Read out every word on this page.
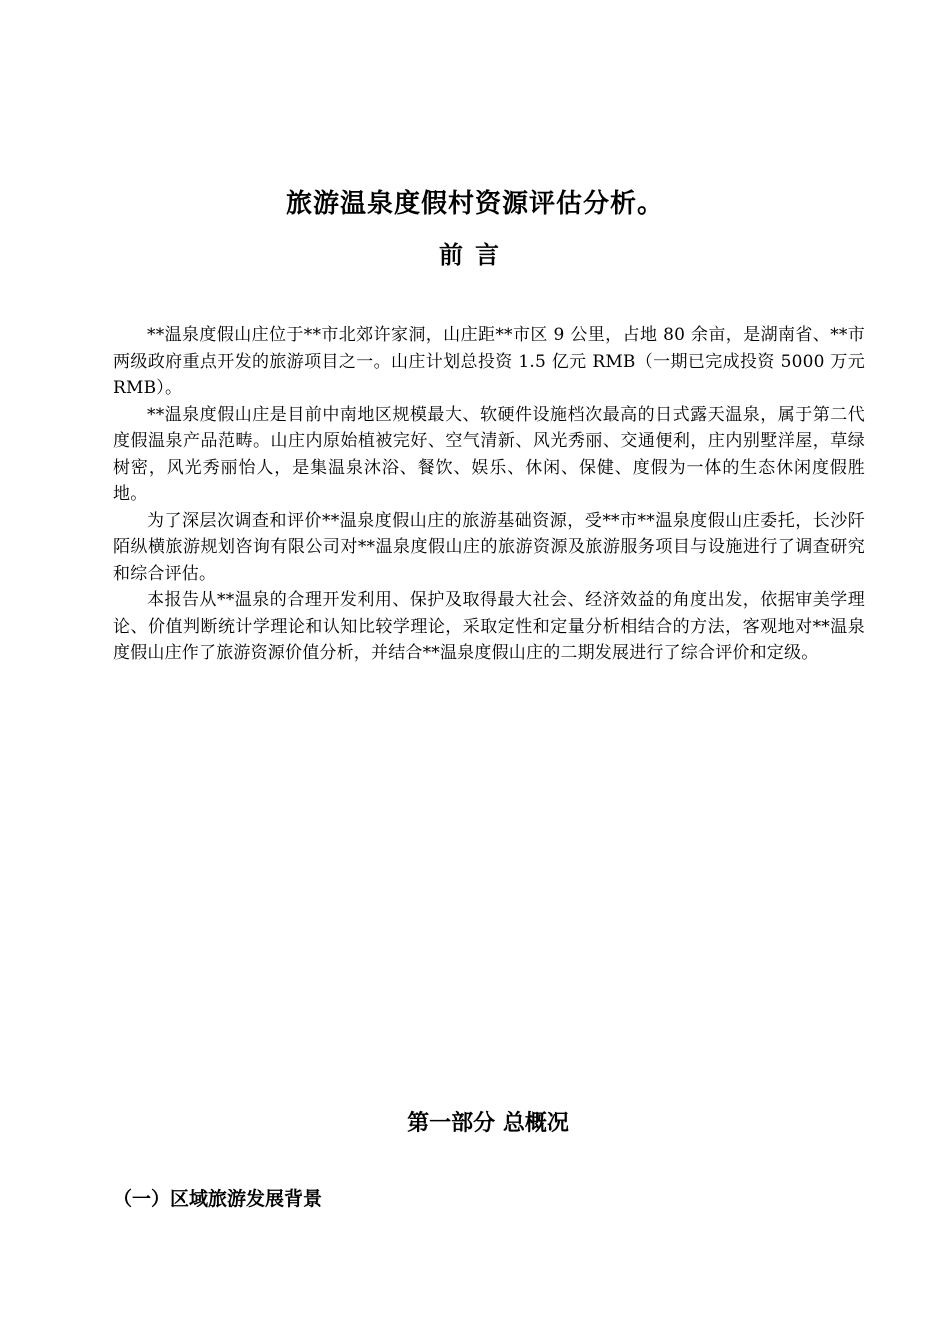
旅游温泉度假村资源评估分析。
前言

**温泉度假山庄位于**市北郊许家洞，山庄距**市区 9 公里，占地 80 余亩，是湖南省、**市两级政府重点开发的旅游项目之一。山庄计划总投资 1.5 亿元 RMB（一期已完成投资 5000 万元 RMB）。

**温泉度假山庄是目前中南地区规模最大、软硬件设施档次最高的日式露天温泉，属于第二代度假温泉产品范畴。山庄内原始植被完好、空气清新、风光秀丽、交通便利，庄内别墅洋屋，草绿树密，风光秀丽怡人，是集温泉沐浴、餐饮、娱乐、休闲、保健、度假为一体的生态休闲度假胜地。

为了深层次调查和评价**温泉度假山庄的旅游基础资源，受**市**温泉度假山庄委托，长沙阡陌纵横旅游规划咨询有限公司对**温泉度假山庄的旅游资源及旅游服务项目与设施进行了调查研究和综合评估。

本报告从**温泉的合理开发利用、保护及取得最大社会、经济效益的角度出发，依据审美学理论、价值判断统计学理论和认知比较学理论，采取定性和定量分析相结合的方法，客观地对**温泉度假山庄作了旅游资源价值分析，并结合**温泉度假山庄的二期发展进行了综合评价和定级。

第一部分 总概况
（一）区域旅游发展背景
